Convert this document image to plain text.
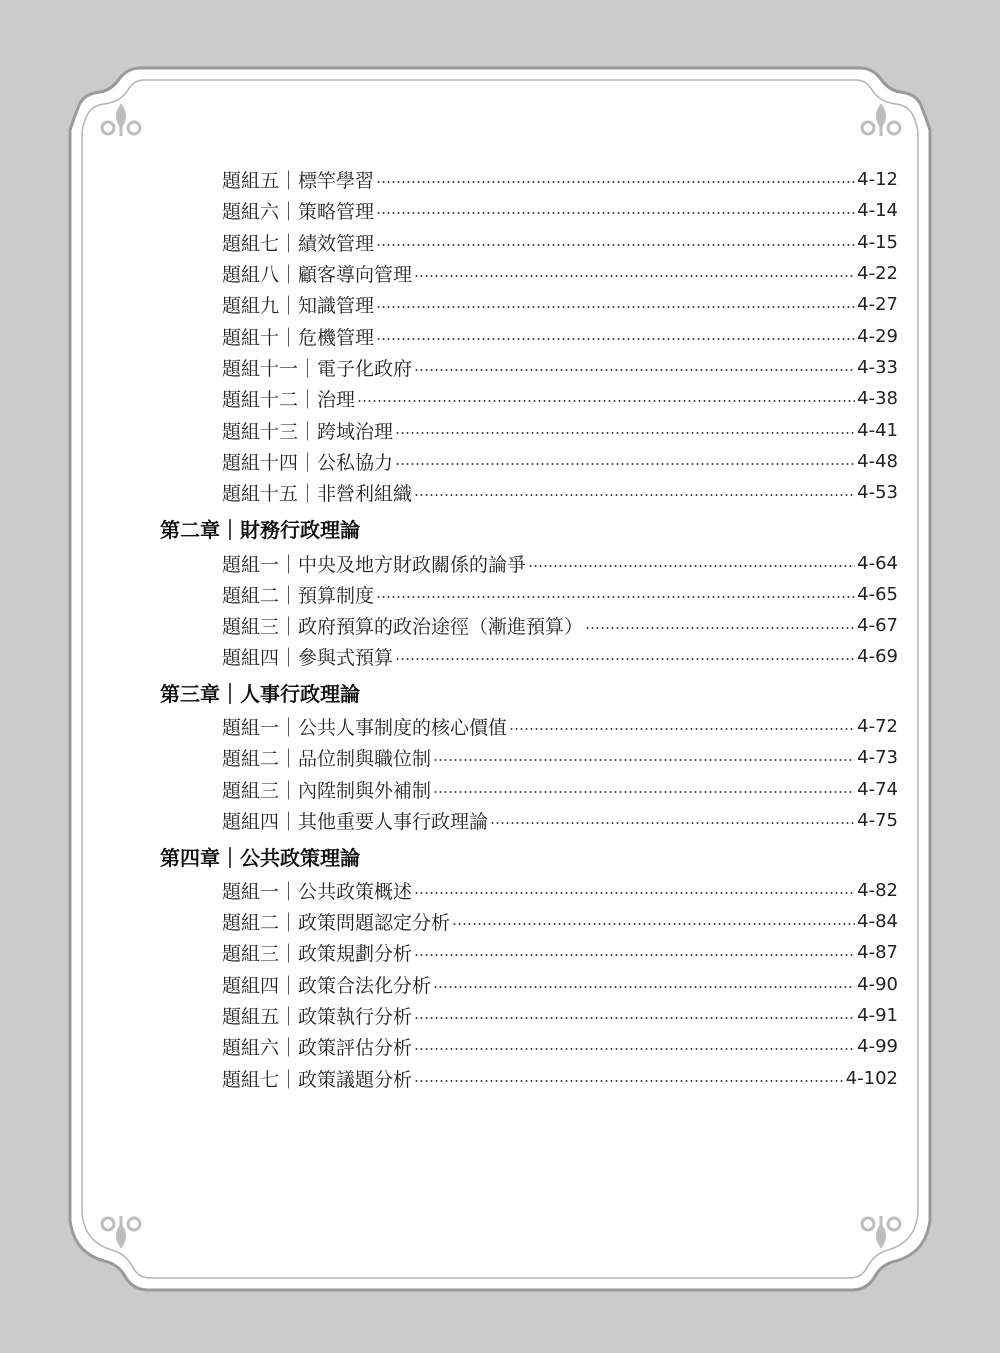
題組五｜標竿學習	4-12
題組六｜策略管理	4-14
題組七｜績效管理	4-15
題組八｜顧客導向管理	4-22
題組九｜知識管理	4-27
題組十｜危機管理	4-29
題組十一｜電子化政府	4-33
題組十二｜治理	4-38
題組十三｜跨域治理	4-41
題組十四｜公私協力	4-48
題組十五｜非營利組織	4-53
第二章｜財務行政理論
題組一｜中央及地方財政關係的論爭	4-64
題組二｜預算制度	4-65
題組三｜政府預算的政治途徑（漸進預算）	4-67
題組四｜參與式預算	4-69
第三章｜人事行政理論
題組一｜公共人事制度的核心價值	4-72
題組二｜品位制與職位制	4-73
題組三｜內陞制與外補制	4-74
題組四｜其他重要人事行政理論	4-75
第四章｜公共政策理論
題組一｜公共政策概述	4-82
題組二｜政策問題認定分析	4-84
題組三｜政策規劃分析	4-87
題組四｜政策合法化分析	4-90
題組五｜政策執行分析	4-91
題組六｜政策評估分析	4-99
題組七｜政策議題分析	4-102
